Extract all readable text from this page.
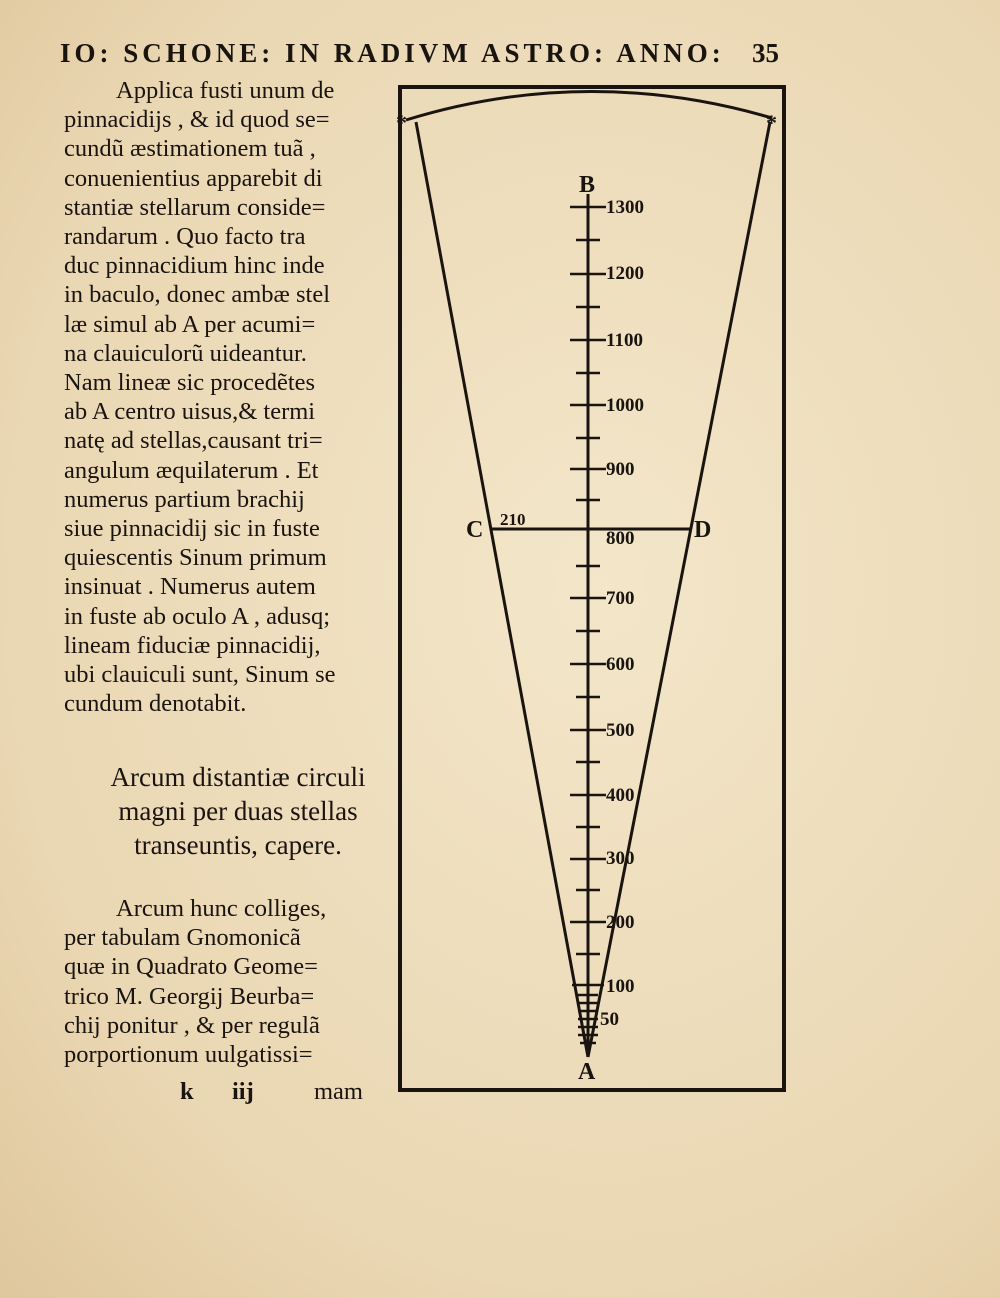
IO: SCHONE: IN RADIVM ASTRO: ANNO:	35
Applica fusti unum de
pinnacidijs , & id quod se=
cundũ æstimationem tuã ,
conuenientius apparebit di
stantiæ stellarum conside=
randarum . Quo facto tra
duc pinnacidium hinc inde
in baculo, donec ambæ stel
læ simul ab A per acumi=
na clauiculorũ uideantur.
Nam lineæ sic procedẽtes
ab A centro uisus,& termi
natę ad stellas,causant tri=
angulum æquilaterum . Et
numerus partium brachij
siue pinnacidij sic in fuste
quiescentis Sinum primum
insinuat . Numerus autem
in fuste ab oculo A , adusq;
lineam fiduciæ pinnacidij,
ubi clauiculi sunt, Sinum se
cundum denotabit.
Arcum distantiæ circuli
magni per duas stellas
transeuntis, capere.
Arcum hunc colliges,
per tabulam Gnomonicã
quæ in Quadrato Geome=
trico M. Georgij Beurba=
chij ponitur , & per regulã
porportionum uulgatissi=
k iij mam
B
C	D
A
210
1300
1200
1100
1000
900
800
700
600
500
400
300
200
100
50
*	*
